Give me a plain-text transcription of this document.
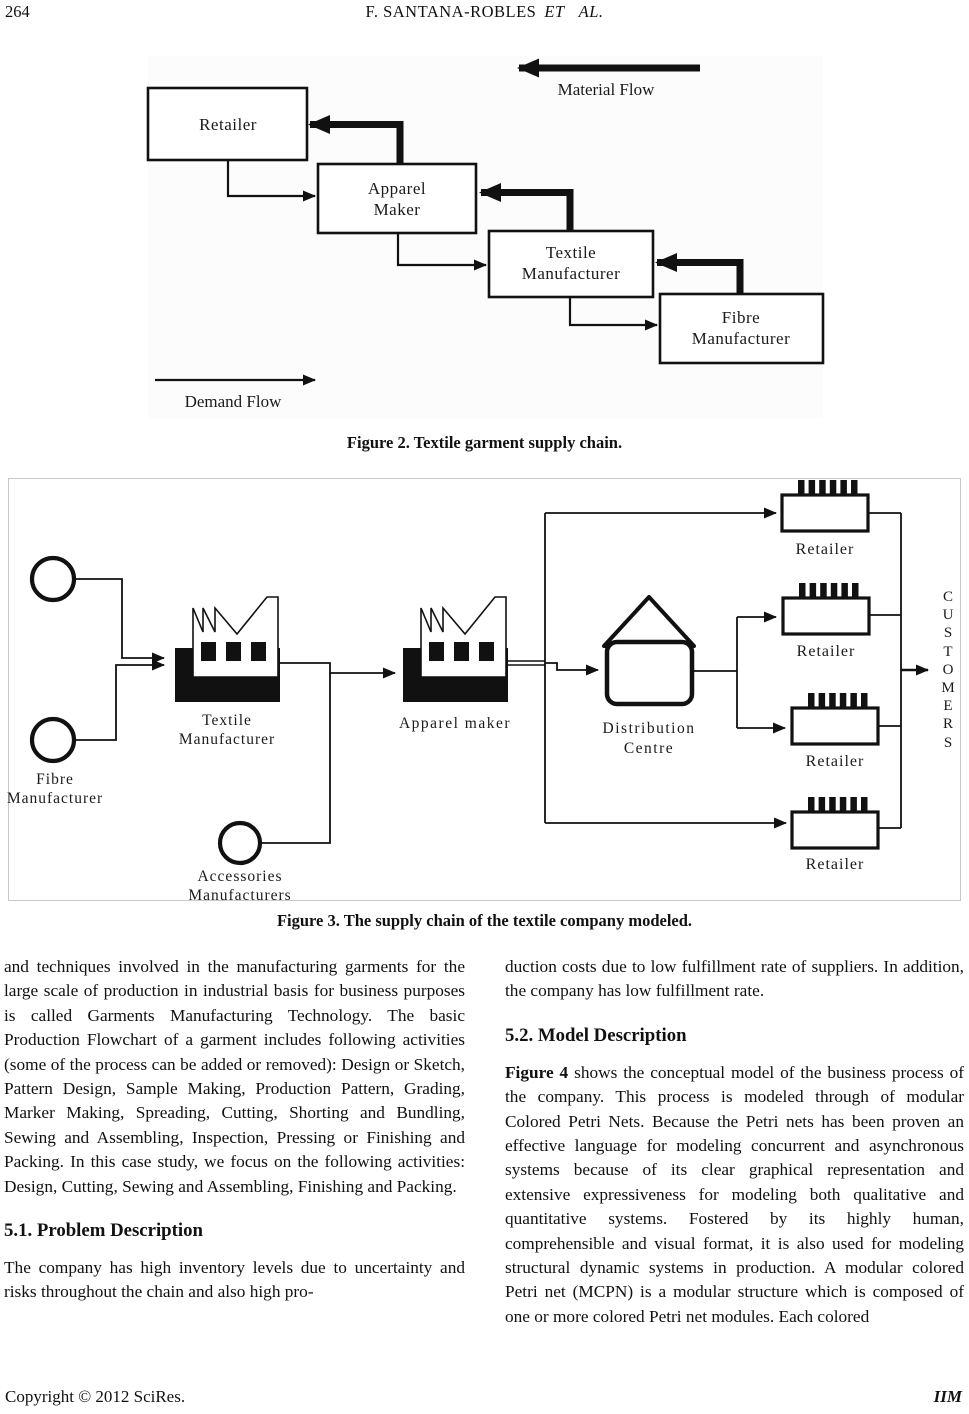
264	F. SANTANA-ROBLES ET AL.
Material Flow
Retailer
Apparel
Maker
Textile
Manufacturer
Fibre
Manufacturer
Demand Flow
Figure 2. Textile garment supply chain.
Fibre
Manufacturer
Textile
Manufacturer
Accessories
Manufacturers
Apparel maker	Distribution
Centre
Retailer
Retailer
Retailer
Retailer
C
U
S
T
O
M
E
R
S
Figure 3. The supply chain of the textile company modeled.

and techniques involved in the manufacturing garments for the large scale of production in industrial basis for business purposes is called Garments Manufacturing Technology. The basic Production Flowchart of a garment includes following activities (some of the process can be added or removed): Design or Sketch, Pattern Design, Sample Making, Production Pattern, Grading, Marker Making, Spreading, Cutting, Shorting and Bundling, Sewing and Assembling, Inspection, Pressing or Finishing and Packing. In this case study, we focus on the following activities: Design, Cutting, Sewing and Assembling, Finishing and Packing.

5.1. Problem Description

The company has high inventory levels due to uncertainty and risks throughout the chain and also high pro-

duction costs due to low fulfillment rate of suppliers. In addition, the company has low fulfillment rate.

5.2. Model Description

Figure 4 shows the conceptual model of the business process of the company. This process is modeled through of modular Colored Petri Nets. Because the Petri nets has been proven an effective language for modeling concurrent and asynchronous systems because of its clear graphical representation and extensive expressiveness for modeling both qualitative and quantitative systems. Fostered by its highly human, comprehensible and visual format, it is also used for modeling structural dynamic systems in production. A modular colored Petri net (MCPN) is a modular structure which is composed of one or more colored Petri net modules. Each colored

Copyright © 2012 SciRes.	IIM
